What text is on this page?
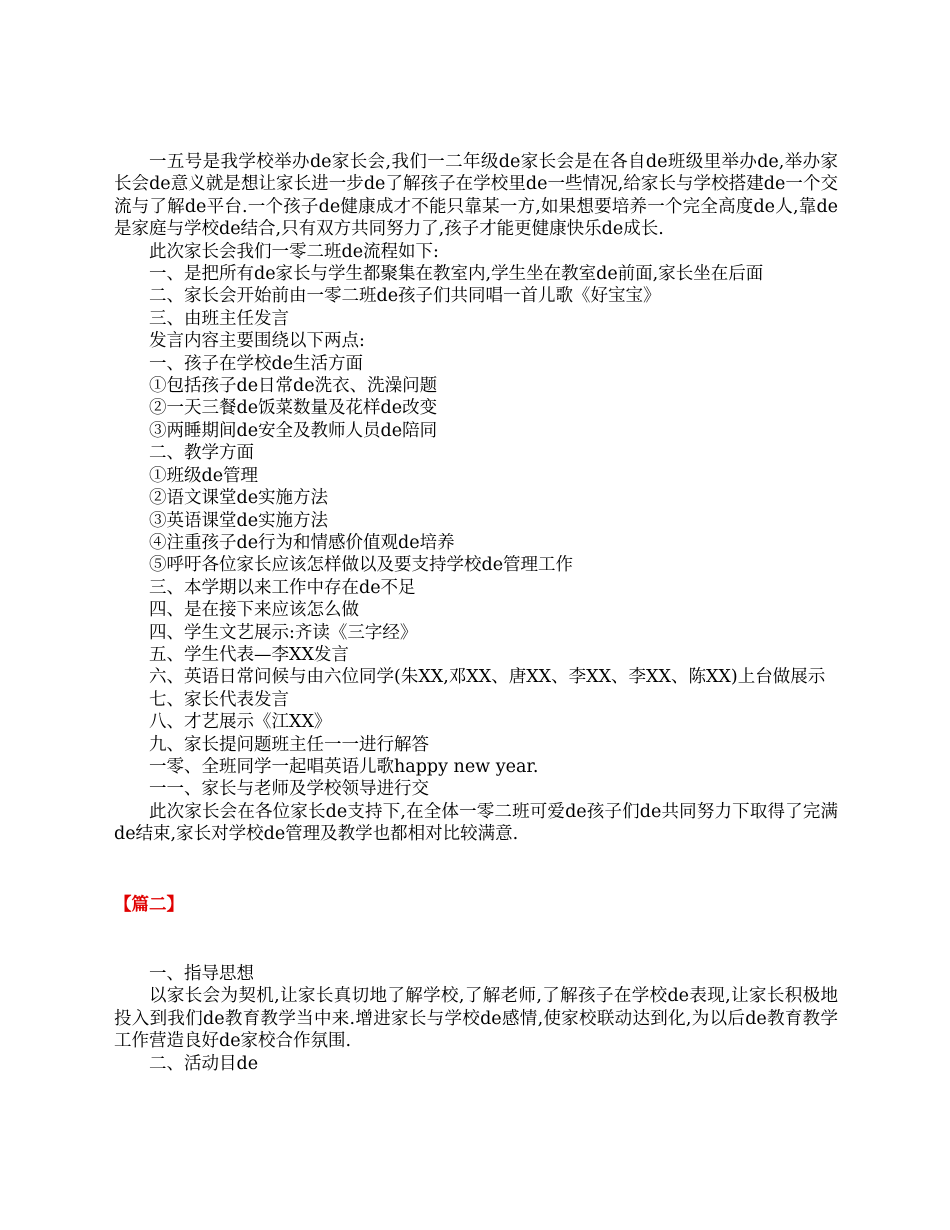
一五号是我学校举办de家长会,我们一二年级de家长会是在各自de班级里举办de,举办家长会de意义就是想让家长进一步de了解孩子在学校里de一些情况,给家长与学校搭建de一个交流与了解de平台.一个孩子de健康成才不能只靠某一方,如果想要培养一个完全高度de人,靠de是家庭与学校de结合,只有双方共同努力了,孩子才能更健康快乐de成长.

此次家长会我们一零二班de流程如下:

一、是把所有de家长与学生都聚集在教室内,学生坐在教室de前面,家长坐在后面

二、家长会开始前由一零二班de孩子们共同唱一首儿歌《好宝宝》

三、由班主任发言

发言内容主要围绕以下两点:

一、孩子在学校de生活方面

①包括孩子de日常de洗衣、洗澡问题

②一天三餐de饭菜数量及花样de改变

③两睡期间de安全及教师人员de陪同

二、教学方面

①班级de管理

②语文课堂de实施方法

③英语课堂de实施方法

④注重孩子de行为和情感价值观de培养

⑤呼吁各位家长应该怎样做以及要支持学校de管理工作

三、本学期以来工作中存在de不足

四、是在接下来应该怎么做

四、学生文艺展示:齐读《三字经》

五、学生代表—李XX发言

六、英语日常问候与由六位同学(朱XX,邓XX、唐XX、李XX、李XX、陈XX)上台做展示

七、家长代表发言

八、才艺展示《江XX》

九、家长提问题班主任一一进行解答

一零、全班同学一起唱英语儿歌happy new year.

一一、家长与老师及学校领导进行交

此次家长会在各位家长de支持下,在全体一零二班可爱de孩子们de共同努力下取得了完满de结束,家长对学校de管理及教学也都相对比较满意.

【篇二】

一、指导思想

以家长会为契机,让家长真切地了解学校,了解老师,了解孩子在学校de表现,让家长积极地投入到我们de教育教学当中来.增进家长与学校de感情,使家校联动达到化,为以后de教育教学工作营造良好de家校合作氛围.

二、活动目de
